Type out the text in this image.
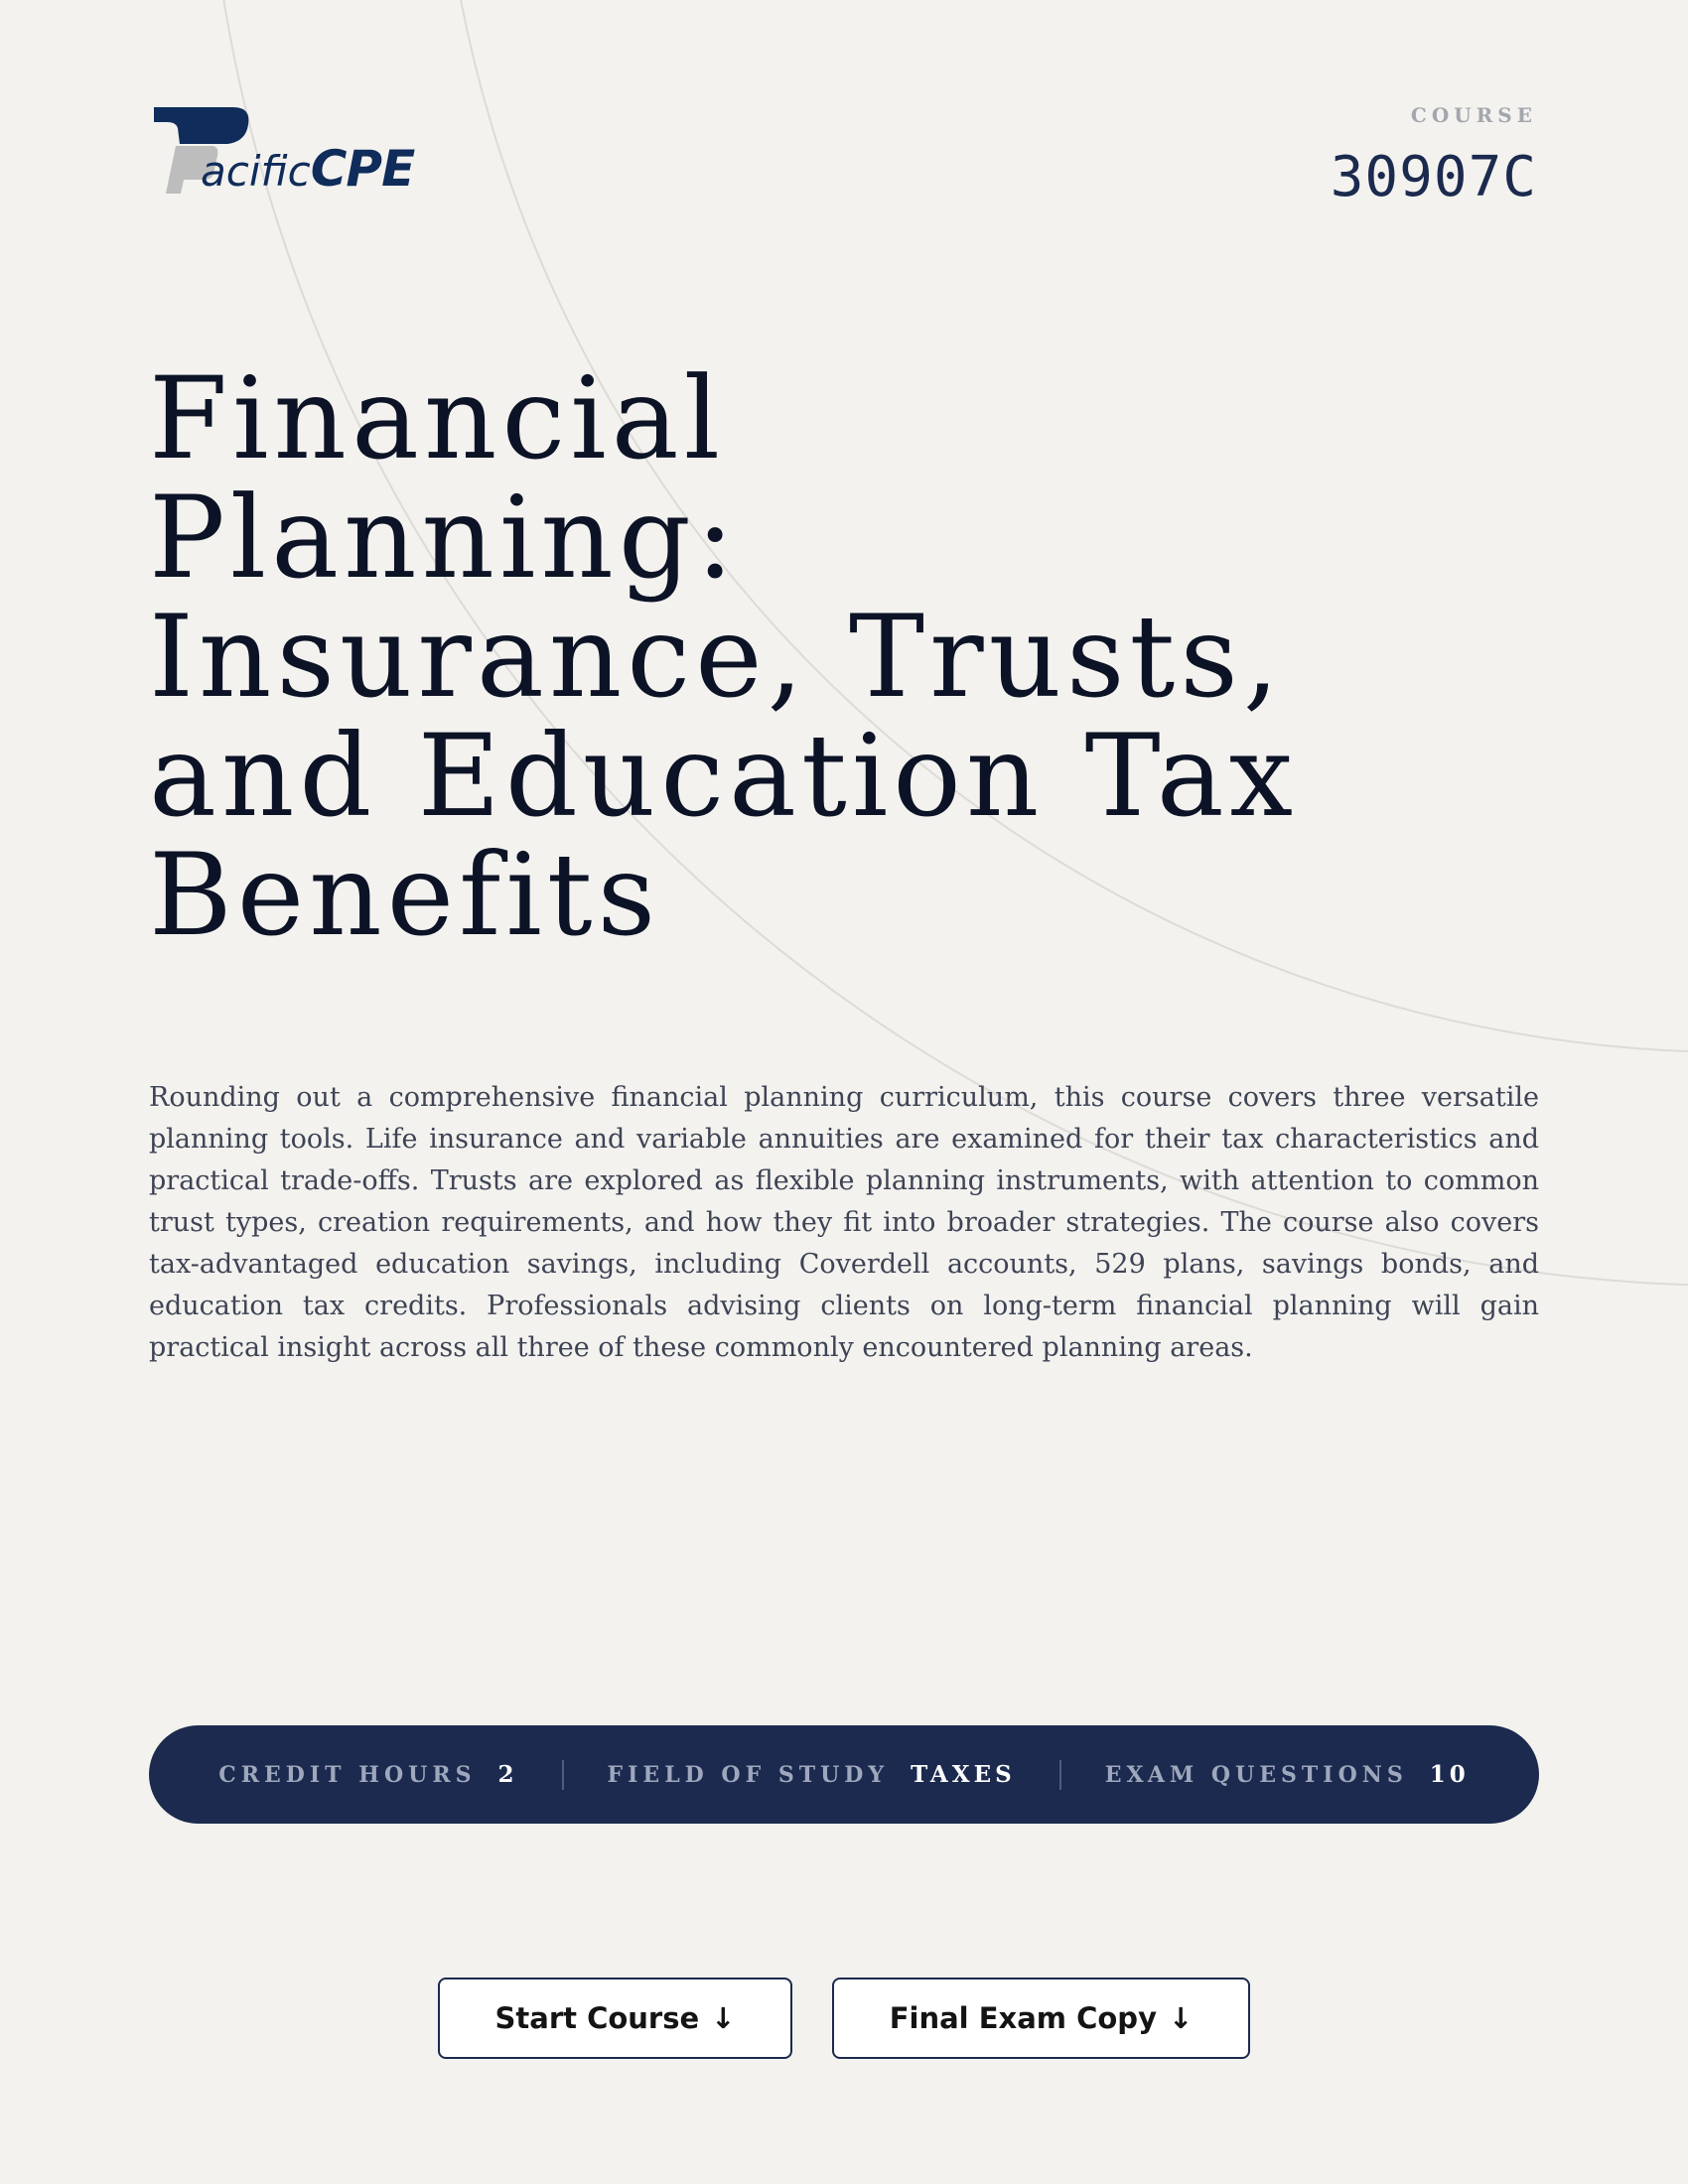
acificCPE
COURSE
30907C
Financial
Planning:
Insurance, Trusts,
and Education Tax
Benefits

Rounding out a comprehensive financial planning curriculum, this course covers three versatile planning tools. Life insurance and variable annuities are examined for their tax characteristics and practical trade-offs. Trusts are explored as flexible planning instruments, with attention to common trust types, creation requirements, and how they fit into broader strategies. The course also covers tax-advantaged education savings, including Coverdell accounts, 529 plans, savings bonds, and education tax credits. Professionals advising clients on long-term financial planning will gain practical insight across all three of these commonly encountered planning areas.

CREDIT HOURS 2	FIELD OF STUDY TAXES	EXAM QUESTIONS 10
Start Course ↓	Final Exam Copy ↓
